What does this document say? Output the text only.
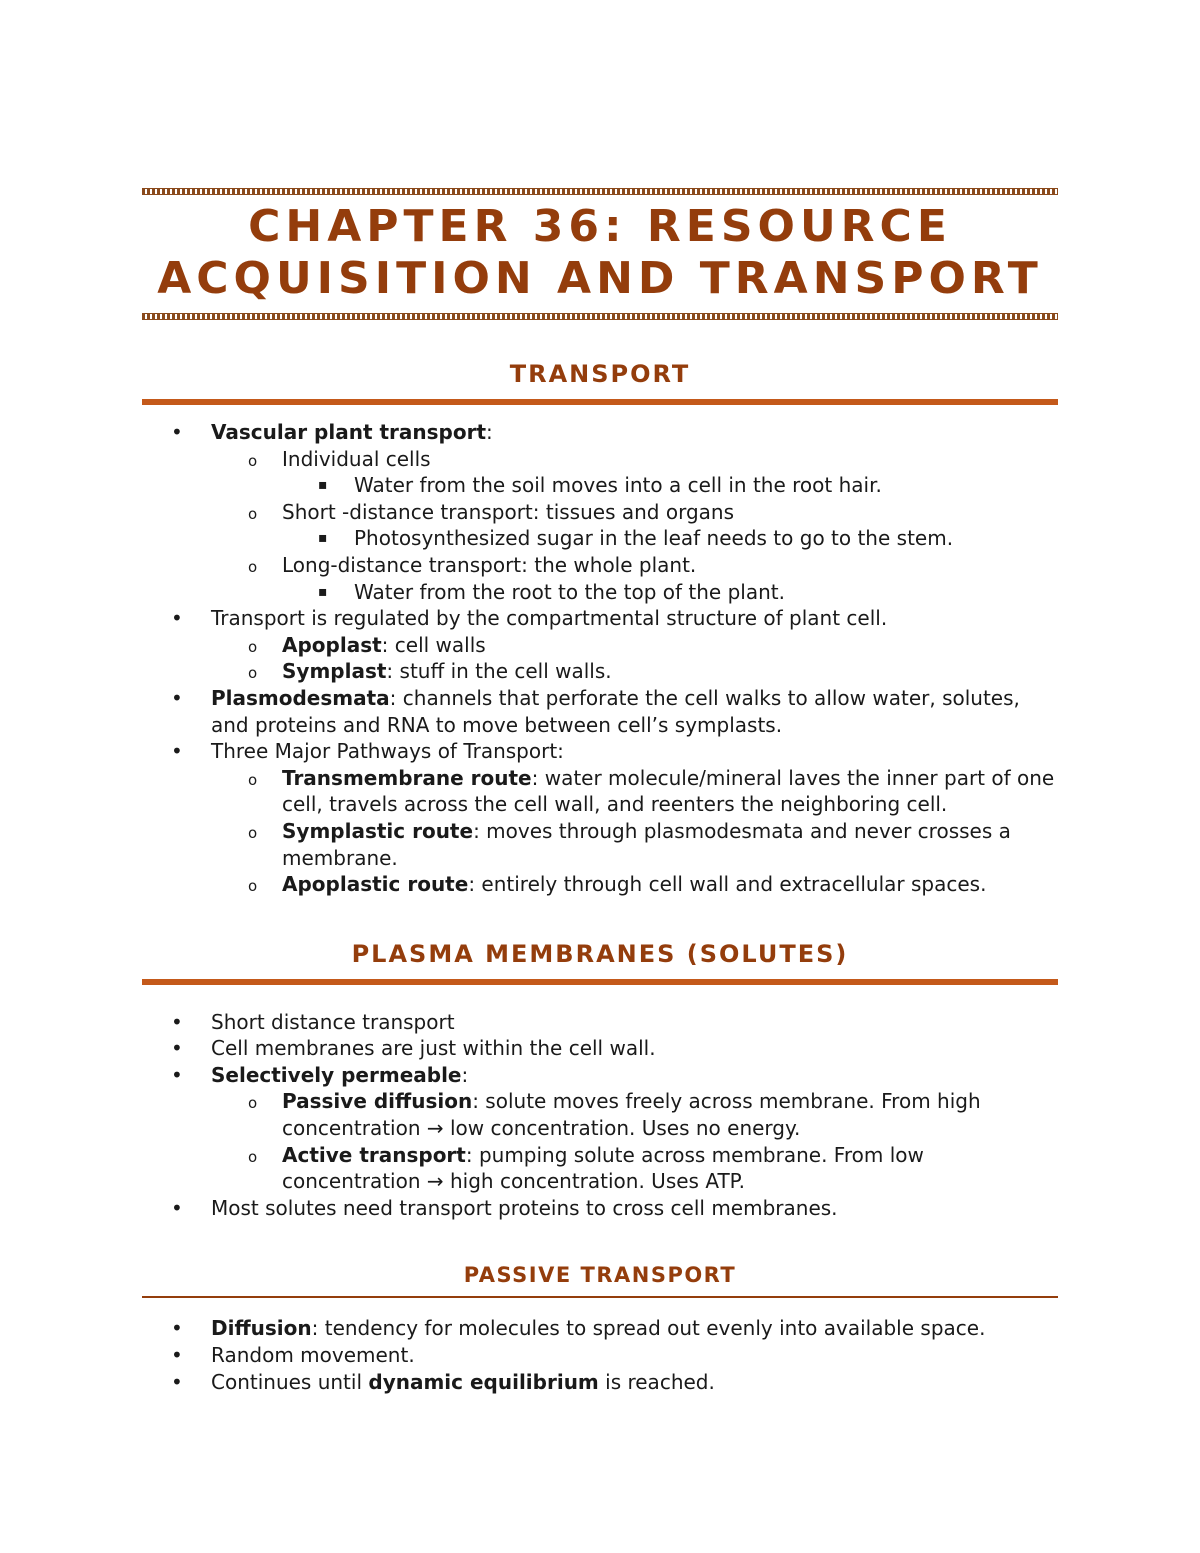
CHAPTER 36: RESOURCE
ACQUISITION AND TRANSPORT
TRANSPORT
• Vascular plant transport:
o Individual cells
▪ Water from the soil moves into a cell in the root hair.
o Short -distance transport: tissues and organs
▪ Photosynthesized sugar in the leaf needs to go to the stem.
o Long-distance transport: the whole plant.
▪ Water from the root to the top of the plant.
• Transport is regulated by the compartmental structure of plant cell.
o Apoplast: cell walls
o Symplast: stuff in the cell walls.
• Plasmodesmata: channels that perforate the cell walks to allow water, solutes, and proteins and RNA to move between cell’s symplasts.
• Three Major Pathways of Transport:
o Transmembrane route: water molecule/mineral laves the inner part of one cell, travels across the cell wall, and reenters the neighboring cell.
o Symplastic route: moves through plasmodesmata and never crosses a membrane.
o Apoplastic route: entirely through cell wall and extracellular spaces.
PLASMA MEMBRANES (SOLUTES)
• Short distance transport
• Cell membranes are just within the cell wall.
• Selectively permeable:
o Passive diffusion: solute moves freely across membrane. From high concentration → low concentration. Uses no energy.
o Active transport: pumping solute across membrane. From low concentration → high concentration. Uses ATP.
• Most solutes need transport proteins to cross cell membranes.
PASSIVE TRANSPORT
• Diffusion: tendency for molecules to spread out evenly into available space.
• Random movement.
• Continues until dynamic equilibrium is reached.
